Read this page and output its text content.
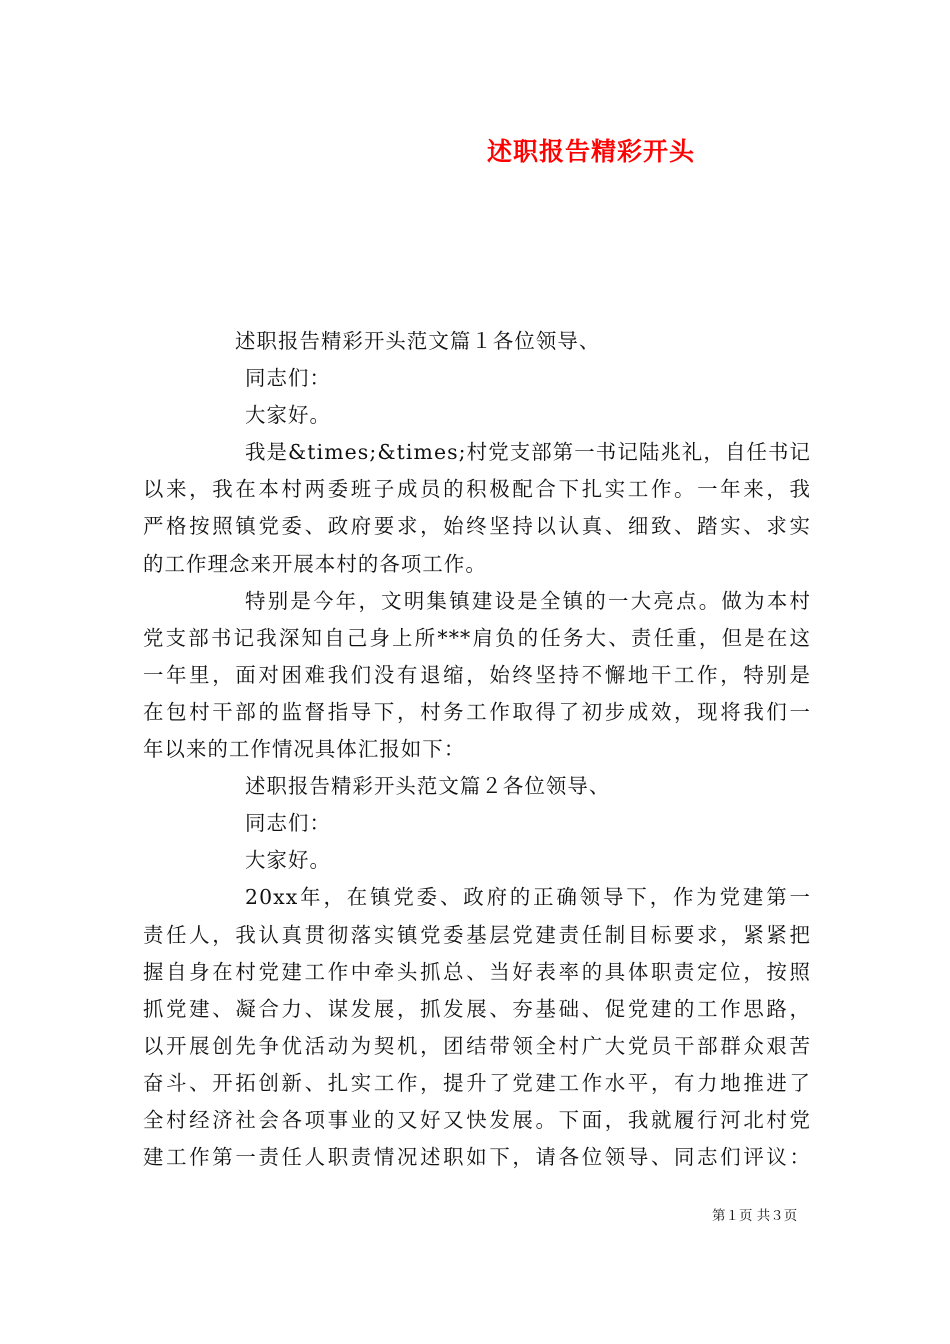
述职报告精彩开头
述职报告精彩开头范文篇１各位领导、
同志们：
大家好。
我是&times;&times;村党支部第一书记陆兆礼，自任书记
以来，我在本村两委班子成员的积极配合下扎实工作。一年来，我
严格按照镇党委、政府要求，始终坚持以认真、细致、踏实、求实
的工作理念来开展本村的各项工作。
特别是今年，文明集镇建设是全镇的一大亮点。做为本村
党支部书记我深知自己身上所***肩负的任务大、责任重，但是在这
一年里，面对困难我们没有退缩，始终坚持不懈地干工作，特别是
在包村干部的监督指导下，村务工作取得了初步成效，现将我们一
年以来的工作情况具体汇报如下：
述职报告精彩开头范文篇２各位领导、
同志们：
大家好。
20xx年，在镇党委、政府的正确领导下，作为党建第一
责任人，我认真贯彻落实镇党委基层党建责任制目标要求，紧紧把
握自身在村党建工作中牵头抓总、当好表率的具体职责定位，按照
抓党建、凝合力、谋发展，抓发展、夯基础、促党建的工作思路，
以开展创先争优活动为契机，团结带领全村广大党员干部群众艰苦
奋斗、开拓创新、扎实工作，提升了党建工作水平，有力地推进了
全村经济社会各项事业的又好又快发展。下面，我就履行河北村党
建工作第一责任人职责情况述职如下，请各位领导、同志们评议：
第１页 共３页
